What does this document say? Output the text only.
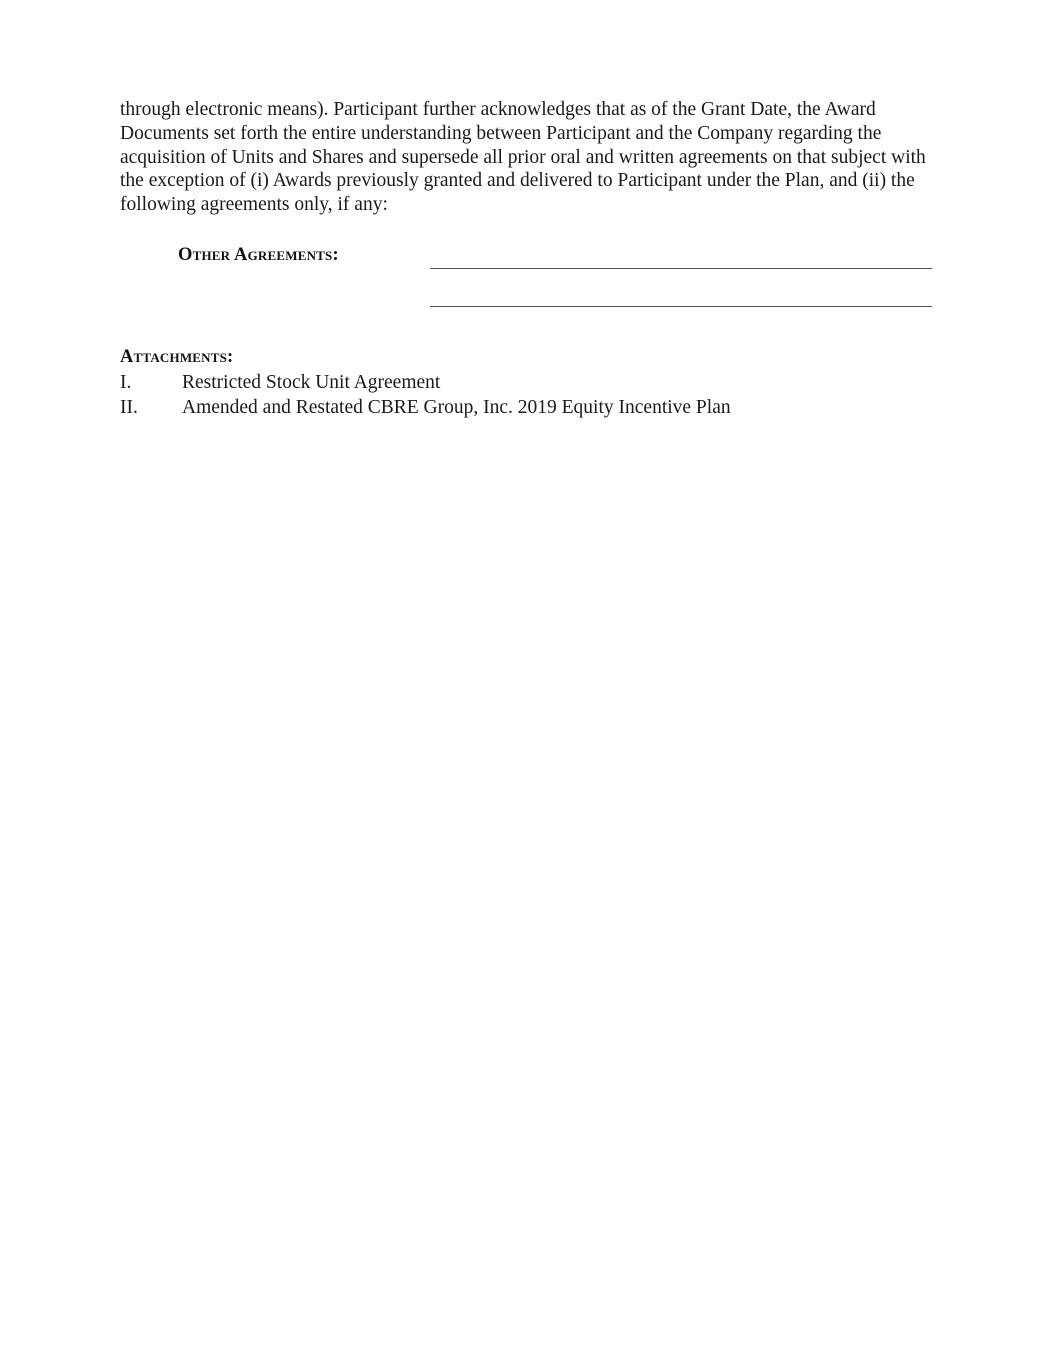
through electronic means). Participant further acknowledges that as of the Grant Date, the Award Documents set forth the entire understanding between Participant and the Company regarding the acquisition of Units and Shares and supersede all prior oral and written agreements on that subject with the exception of (i) Awards previously granted and delivered to Participant under the Plan, and (ii) the following agreements only, if any:

Other Agreements:

Attachments:

I.	Restricted Stock Unit Agreement
II.	Amended and Restated CBRE Group, Inc. 2019 Equity Incentive Plan
